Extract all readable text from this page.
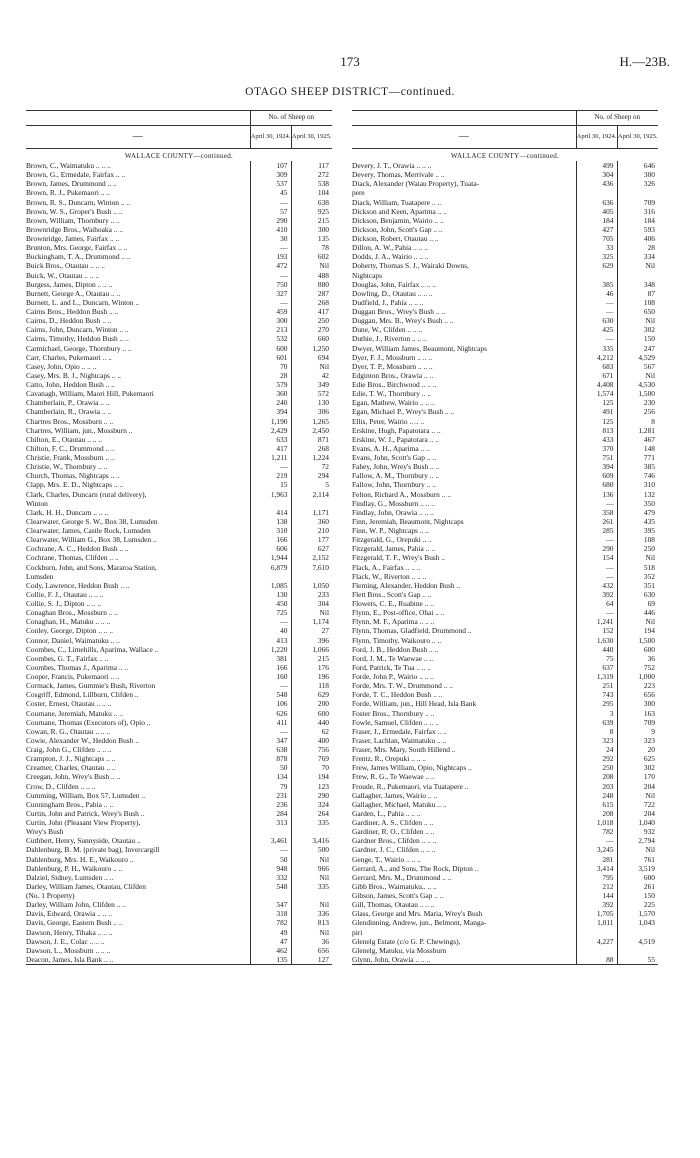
173	H.—23B.
OTAGO SHEEP DISTRICT—continued.
	No. of Sheep on	
—	April 30, 1924.	April 30, 1925.
WALLACE COUNTY—continued.		
Brown, C., Waimatuku .. .. ..	107	117
Brown, G., Ermedale, Fairfax .. ..	309	272
Brown, James, Drummond .. ..	537	538
Brown, R. J., Pukemaori .. ..	45	104
Brown, R. S., Duncarn, Winton .. ..	—	638
Brown, W. S., Groper's Bush .. ..	57	925
Brown, William, Thornbury .. ..	290	215
Brownridge Bros., Waihoaka .. ..	410	300
Brownridge, James, Fairfax .. ..	30	135
Brunton, Mrs. George, Fairfax .. ..	—	78
Buckingham, T. A., Drummond .. ..	193	602
Buick Bros., Otautau .. .. ..	472	Nil
Buick, W., Otautau .. .. ..	—	488
Burgess, James, Dipton .. .. ..	750	880
Burnett, George A., Otautau .. ..	327	287
Burnett, L. and L., Duncarn, Winton ..	—	268
Cairns Bros., Heddon Bush .. ..	459	417
Cairns, D., Heddon Bush .. ..	300	250
Cairns, John, Duncarn, Winton .. ..	213	270
Cairns, Timothy, Heddon Bush .. ..	532	660
Carmichael, George, Thornbury .. ..	600	1,250
Carr, Charles, Pukemaori .. ..	601	694
Casey, John, Opio .. .. ..	70	Nil
Casey, Mrs. B. J., Nightcaps .. ..	28	42
Catto, John, Heddon Bush .. ..	579	349
Cavanagh, William, Maori Hill, Pukemaori	360	572
Chamberlain, P., Orawia .. ..	240	130
Chamberlain, R., Orawia .. ..	394	306
Chartres Bros., Mossburn .. ..	1,190	1,265
Chartres, William, jun., Mossburn ..	2,429	2,450
Chilton, E., Otautau .. .. ..	633	871
Chilton, F. C., Drummond .. ..	417	268
Christie, Frank, Mossburn .. ..	1,211	1,224
Christie, W., Thornbury .. ..	—	72
Church, Thomas, Nightcaps .. ..	219	294
Clapp, Mrs. E. D., Nightcaps .. ..	15	5
Clark, Charles, Duncarn (rural delivery),	1,963	2,114
Winton		
Clark, H. H., Duncarn .. .. ..	414	1,171
Clearwater, George S. W., Box 38, Lumsden	138	360
Clearwater, James, Castle Rock, Lumsden	310	210
Clearwater, William G., Box 38, Lumsden ..	166	177
Cochrane, A. C., Heddon Bush .. ..	606	627
Cochrane, Thomas, Clifden .. ..	1,944	2,152
Cockburn, John, and Sons, Mararoa Station,	6,879	7,610
Lumsden		
Cody, Lawrence, Heddon Bush .. ..	1,085	1,050
Collie, F. J., Otautau .. .. ..	130	233
Collie, S. J., Dipton .. .. ..	450	304
Conaghan Bros., Mossburn .. ..	725	Nil
Conaghan, H., Matuku .. .. ..	—	1,174
Conley, George, Dipton .. .. ..	40	27
Connor, Daniel, Waimatuku .. ..	413	396
Coombes, C., Limehills, Aparima, Wallace ..	1,220	1,066
Coombes, G. T., Fairfax .. ..	381	215
Coombes, Thomas J., Aparima .. ..	166	176
Cooper, Francis, Pukemaori .. ..	160	196
Cormack, James, Gummie's Bush, Riverton	—	118
Cosgriff, Edmond, Lillburn, Clifden ..	548	629
Coster, Ernest, Otautau .. .. ..	106	200
Cournane, Jeremiah, Matuku .. ..	626	600
Cournane, Thomas (Executors of), Opio ..	411	440
Cowan, R. G., Otautau .. .. ..	—	62
Cowie, Alexander W., Heddon Bush ..	347	400
Craig, John G., Clifden .. .. ..	638	756
Crampton, J. J., Nightcaps .. ..	878	769
Creamer, Charles, Otautau .. ..	50	70
Creegan, John, Wrey's Bush .. ..	134	194
Crow, D., Clifden .. .. ..	79	123
Cumming, William, Box 57, Lumsden ..	231	290
Cunningham Bros., Pahia .. ..	236	324
Curtin, John and Patrick, Wrey's Bush ..	284	264
Curtin, John (Pleasant View Property),	313	335
Wrey's Bush		
Cuthbert, Henry, Sunnyside, Otautau ..	3,461	3,416
Dahlenburg, B. M. (private bag), Invercargill	—	500
Dahlenburg, Mrs. H. E., Waikouro ..	50	Nil
Dahlenburg, P. H., Waikouro .. ..	948	966
Dalziel, Sidney, Lumsden .. ..	332	Nil
Darley, William James, Otautau, Clifden	548	335
(No. 1 Property)		
Darley, William John, Clifden .. ..	547	Nil
Davis, Edward, Orawia .. .. ..	318	336
Davis, George, Eastern Bush .. ..	782	813
Dawson, Henry, Tihaka .. .. ..	49	Nil
Dawson, J. E., Colac .. .. ..	47	36
Dawson, L., Mossburn .. .. ..	462	656
Deacon, James, Isla Bank .. ..	135	127
	No. of Sheep on	
—	April 30, 1924.	April 30, 1925.
WALLACE COUNTY—continued.		
Devery, J. T., Orawia .. .. ..	499	646
Devery, Thomas, Merrivale .. ..	304	300
Diack, Alexander (Waiau Property), Tuata-	436	326
pere		
Diack, William, Tuatapere .. ..	636	709
Dickson and Keen, Aparima .. ..	405	316
Dickson, Benjamin, Wairio .. ..	184	184
Dickson, John, Scott's Gap .. ..	427	593
Dickson, Robert, Otautau .. ..	705	406
Dillon, A. W., Pahia .. .. ..	33	28
Dodds, J. A., Wairio .. .. ..	325	334
Doherty, Thomas S. J., Wairaki Downs,	629	Nil
Nightcaps		
Douglas, John, Fairfax .. .. ..	385	348
Dowling, D., Otautau .. .. ..	46	87
Dudfield, J., Pahia .. .. ..	—	108
Duggan Bros., Wrey's Bush .. ..	—	650
Duggan, Mrs. B., Wrey's Bush .. ..	630	Nil
Dune, W., Clifden .. .. ..	425	302
Duthie, J., Riverton .. .. ..	—	150
Dwyer, William James, Beaumont, Nightcaps	335	247
Dyer, F. J., Mossburn .. .. ..	4,212	4,529
Dyer, T. P., Mossburn .. .. ..	683	567
Edginton Bros., Orawia .. ..	671	Nil
Edie Bros., Birchwood .. .. ..	4,408	4,530
Edie, T. W., Thornbury .. ..	1,574	1,500
Egan, Mathew, Wairio .. .. ..	125	230
Egan, Michael P., Wrey's Bush .. ..	491	256
Ellis, Peter, Wairio .. .. ..	125	8
Erskine, Hugh, Papatotara .. ..	813	1,281
Erskine, W. J., Papatotara .. ..	433	467
Evans, A. H., Aparima .. ..	370	148
Evans, John, Scott's Gap .. ..	751	771
Fahey, John, Wrey's Bush .. ..	394	385
Fallow, A. M., Thornbury .. ..	609	746
Fallow, John, Thornbury .. ..	680	310
Felton, Richard A., Mossburn .. ..	136	132
Findlay, G., Mossburn .. .. ..	—	350
Findlay, John, Orawia .. .. ..	358	479
Finn, Jeremiah, Beaumont, Nightcaps	261	435
Finn, W. P., Nightcaps .. ..	285	395
Fitzgerald, G., Orepuki .. ..	—	108
Fitzgerald, James, Pahia .. ..	290	250
Fitzgerald, T. F., Wrey's Bush ..	154	Nil
Flack, A., Fairfax .. .. ..	—	518
Flack, W., Riverton .. .. ..	—	352
Fleming, Alexander, Heddon Bush ..	432	351
Flett Bros., Scott's Gap .. ..	392	630
Flowers, C. E., Ruabine .. ..	64	69
Flynn, E., Post-office, Ohai .. ..	—	446
Flynn, M. F., Aparima .. .. ..	1,241	Nil
Flynn, Thomas, Gladfield, Drummond ..	152	194
Flynn, Timothy, Waikouro .. ..	1,630	1,500
Ford, J. B., Heddon Bush .. ..	440	600
Ford, J. M., Te Waewae .. ..	75	36
Ford, Patrick, Te Tua .. .. ..	637	752
Forde, John P., Wairio .. .. ..	1,319	1,000
Forde, Mrs. T. W., Drummond .. ..	251	223
Forde, T. C., Heddon Bush .. ..	743	656
Forde, William, jun., Hill Head, Isla Bank	295	300
Foster Bros., Thornbury .. ..	3	163
Fowle, Samuel, Clifden .. .. ..	639	709
Fraser, J., Ermedale, Fairfax .. ..	8	9
Fraser, Lachlan, Waimatuku .. ..	323	323
Fraser, Mrs. Mary, South Hillend ..	24	20
Frentz, R., Orepuki .. .. ..	292	625
Frew, James William, Opio, Nightcaps ..	250	302
Frew, R. G., Te Waewae .. ..	208	170
Froude, R., Pukemaori, via Tuatapere ..	203	204
Gallagher, James, Wairio .. ..	248	Nil
Gallagher, Michael, Matuku .. ..	615	722
Garden, L., Pahia .. .. ..	208	204
Gardiner, A. S., Clifden .. ..	1,018	1,040
Gardiner, R. O., Clifden .. ..	782	932
Gardner Bros., Clifden .. .. ..	—	2,794
Gardner, J. C., Clifden .. .. ..	3,245	Nil
Genge, T., Wairio .. .. ..	281	761
Gerrard, A., and Sons, The Rock, Dipton ..	3,414	3,519
Gerrard, Mrs. M., Drummond .. ..	795	600
Gibb Bros., Waimatuku.. .. ..	212	261
Gibson, James, Scott's Gap .. ..	144	150
Gill, Thomas, Otautau .. .. ..	392	225
Glass, George and Mrs. Maria, Wrey's Bush	1,705	1,570
Glendinning, Andrew, jun., Belmont, Manga-	1,011	1,043
piri		
Glenelg Estate (c/o G. P. Chewings),	4,227	4,519
Glenelg, Matuku, via Mossburn		
Glynn, John, Orawia .. .. ..	88	55
